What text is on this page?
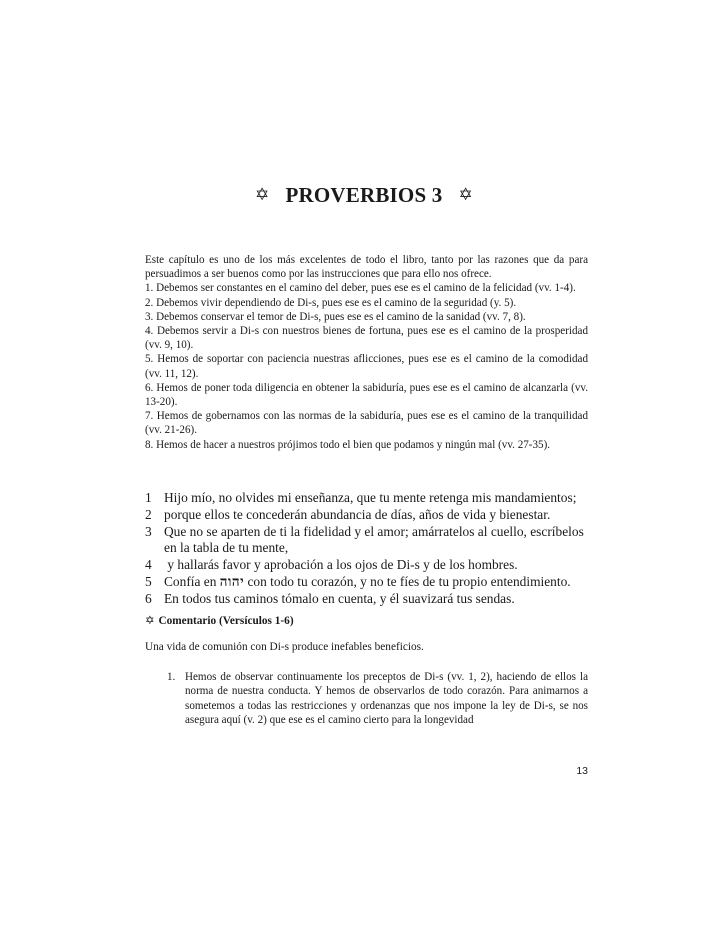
✡ PROVERBIOS 3 ✡

Este capítulo es uno de los más excelentes de todo el libro, tanto por las razones que da para persuadimos a ser buenos como por las instrucciones que para ello nos ofrece.

1. Debemos ser constantes en el camino del deber, pues ese es el camino de la felicidad (vv. 1-4).

2. Debemos vivir dependiendo de Di-s, pues ese es el camino de la seguridad (y. 5).

3. Debemos conservar el temor de Di-s, pues ese es el camino de la sanidad (vv. 7, 8).

4. Debemos servir a Di-s con nuestros bienes de fortuna, pues ese es el camino de la prosperidad (vv. 9, 10).

5. Hemos de soportar con paciencia nuestras aflicciones, pues ese es el camino de la comodidad (vv. 11, 12).

6. Hemos de poner toda diligencia en obtener la sabiduría, pues ese es el camino de alcanzarla (vv. 13-20).

7. Hemos de gobernamos con las normas de la sabiduría, pues ese es el camino de la tranquilidad (vv. 21-26).

8. Hemos de hacer a nuestros prójimos todo el bien que podamos y ningún mal (vv. 27-35).

1 Hijo mío, no olvides mi enseñanza, que tu mente retenga mis mandamientos;
2 porque ellos te concederán abundancia de días, años de vida y bienestar.
3 Que no se aparten de ti la fidelidad y el amor; amárratelos al cuello, escríbelos en la tabla de tu mente,
4 y hallarás favor y aprobación a los ojos de Di-s y de los hombres.
5 Confía en יהוה con todo tu corazón, y no te fíes de tu propio entendimiento.
6 En todos tus caminos tómalo en cuenta, y él suavizará tus sendas.
✡ Comentario (Versículos 1-6)
Una vida de comunión con Di-s produce inefables beneficios.
1. Hemos de observar continuamente los preceptos de Di-s (vv. 1, 2), haciendo de ellos la norma de nuestra conducta. Y hemos de observarlos de todo corazón. Para animarnos a sometemos a todas las restricciones y ordenanzas que nos impone la ley de Di-s, se nos asegura aquí (v. 2) que ese es el camino cierto para la longevidad
13
